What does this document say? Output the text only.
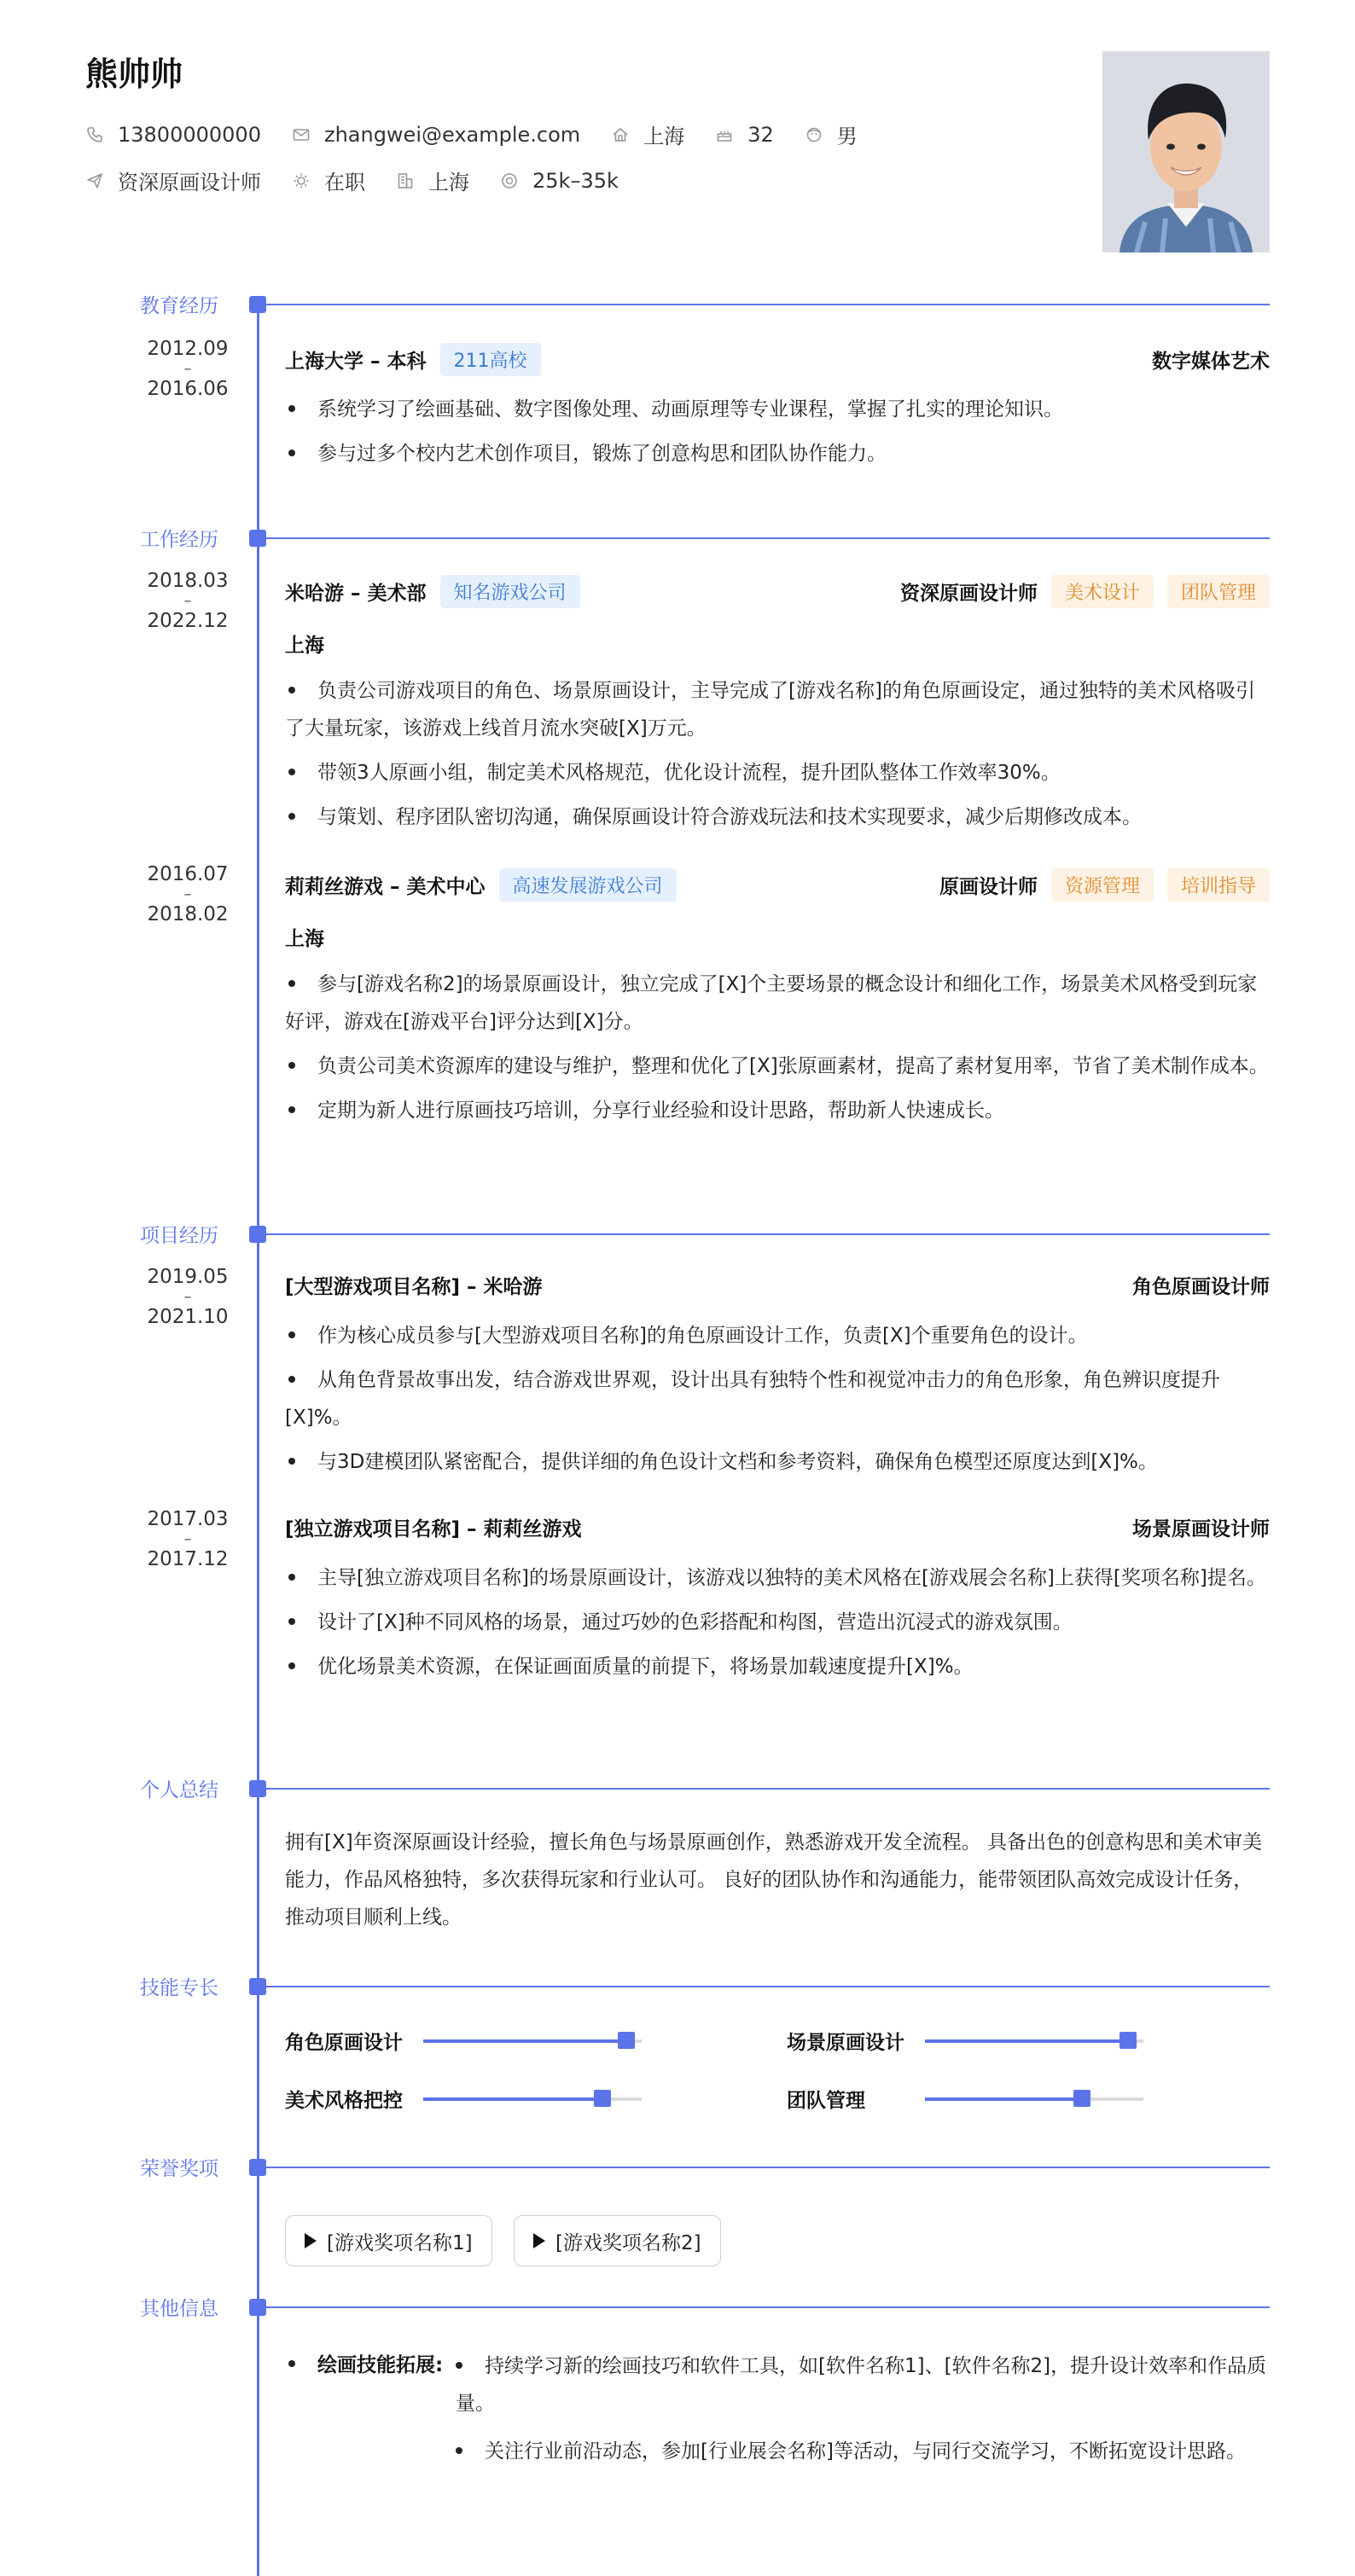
熊帅帅
13800000000	zhangwei@example.com	上海	32	男
资深原画设计师	在职	上海	25k–35k
教育经历
2012.09
–
2016.06
上海大学 – 本科	211高校	数字媒体艺术
系统学习了绘画基础、数字图像处理、动画原理等专业课程，掌握了扎实的理论知识。
参与过多个校内艺术创作项目，锻炼了创意构思和团队协作能力。
工作经历
2018.03
–
2022.12
米哈游 – 美术部	知名游戏公司	资深原画设计师	美术设计	团队管理
上海
负责公司游戏项目的角色、场景原画设计，主导完成了[游戏名称]的角色原画设定，通过独特的美术风格吸引了大量玩家，该游戏上线首月流水突破[X]万元。
带领3人原画小组，制定美术风格规范，优化设计流程，提升团队整体工作效率30%。
与策划、程序团队密切沟通，确保原画设计符合游戏玩法和技术实现要求，减少后期修改成本。
2016.07
–
2018.02
莉莉丝游戏 – 美术中心	高速发展游戏公司	原画设计师	资源管理	培训指导
上海
参与[游戏名称2]的场景原画设计，独立完成了[X]个主要场景的概念设计和细化工作，场景美术风格受到玩家好评，游戏在[游戏平台]评分达到[X]分。
负责公司美术资源库的建设与维护，整理和优化了[X]张原画素材，提高了素材复用率，节省了美术制作成本。
定期为新人进行原画技巧培训，分享行业经验和设计思路，帮助新人快速成长。
项目经历
2019.05
–
2021.10
[大型游戏项目名称] – 米哈游	角色原画设计师
作为核心成员参与[大型游戏项目名称]的角色原画设计工作，负责[X]个重要角色的设计。
从角色背景故事出发，结合游戏世界观，设计出具有独特个性和视觉冲击力的角色形象，角色辨识度提升[X]%。
与3D建模团队紧密配合，提供详细的角色设计文档和参考资料，确保角色模型还原度达到[X]%。
2017.03
–
2017.12
[独立游戏项目名称] – 莉莉丝游戏	场景原画设计师
主导[独立游戏项目名称]的场景原画设计，该游戏以独特的美术风格在[游戏展会名称]上获得[奖项名称]提名。
设计了[X]种不同风格的场景，通过巧妙的色彩搭配和构图，营造出沉浸式的游戏氛围。
优化场景美术资源，在保证画面质量的前提下，将场景加载速度提升[X]%。
个人总结
拥有[X]年资深原画设计经验，擅长角色与场景原画创作，熟悉游戏开发全流程。 具备出色的创意构思和美术审美能力，作品风格独特，多次获得玩家和行业认可。 良好的团队协作和沟通能力，能带领团队高效完成设计任务，推动项目顺利上线。
技能专长
角色原画设计	场景原画设计
美术风格把控	团队管理
荣誉奖项
[游戏奖项名称1]	[游戏奖项名称2]
其他信息
绘画技能拓展:	持续学习新的绘画技巧和软件工具，如[软件名称1]、[软件名称2]，提升设计效率和作品质量。
关注行业前沿动态，参加[行业展会名称]等活动，与同行交流学习，不断拓宽设计思路。
